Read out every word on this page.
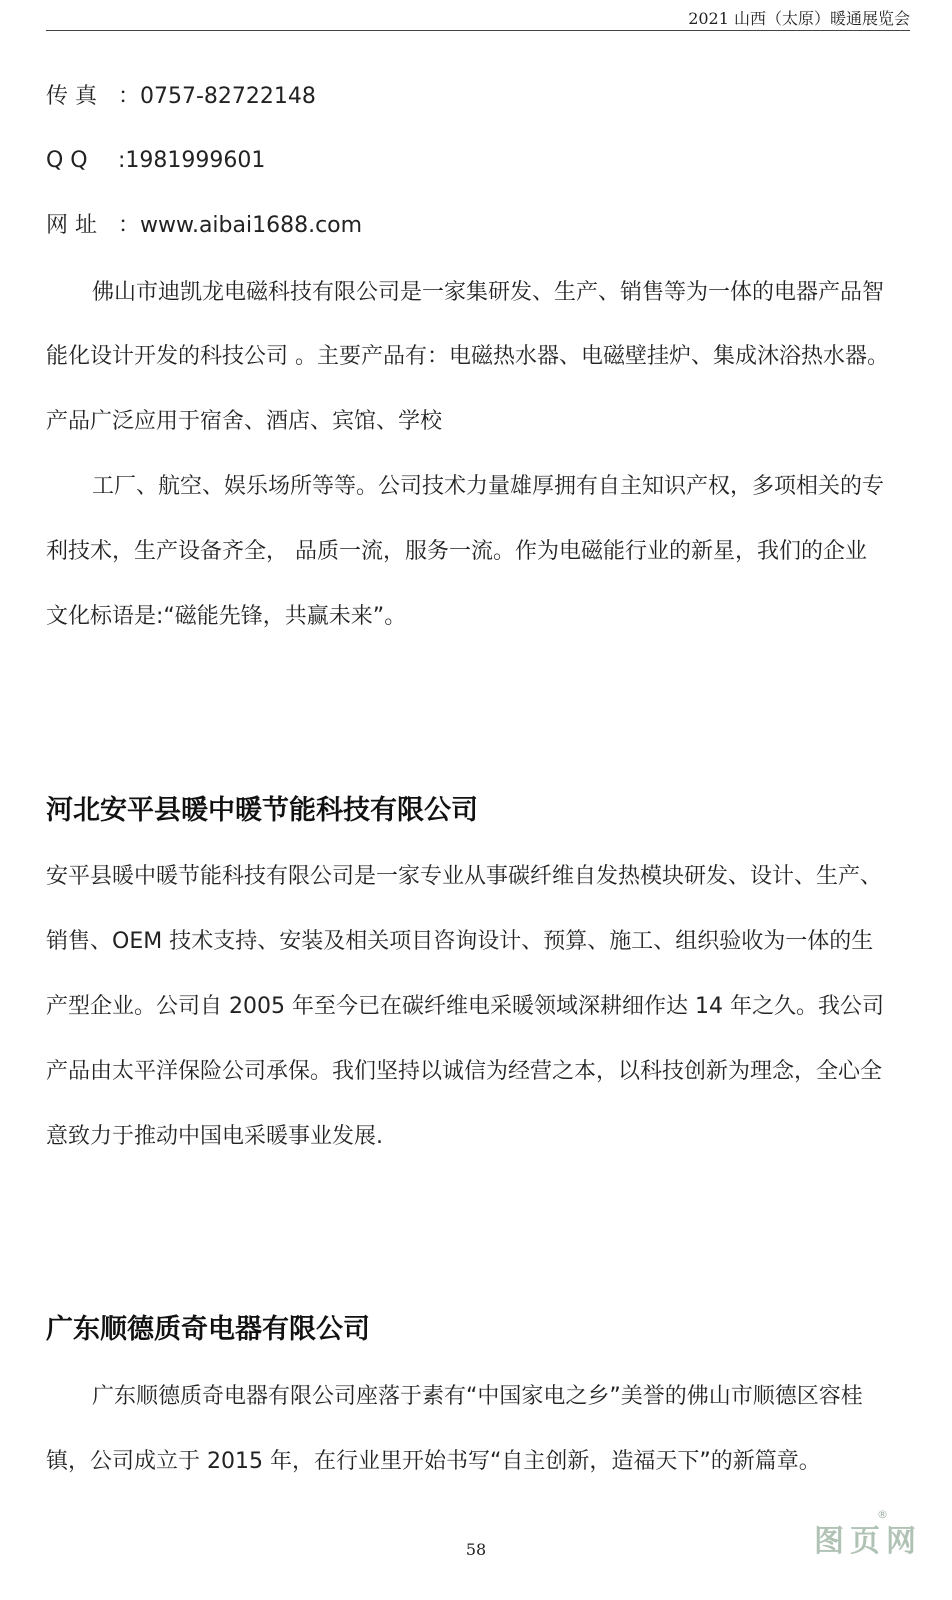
2021 山西（太原）暖通展览会
传 真 ：0757-82722148
Q Q :1981999601
网 址 ：www.aibai1688.com
佛山市迪凯龙电磁科技有限公司是一家集研发、生产、销售等为一体的电器产品智
能化设计开发的科技公司 。主要产品有：电磁热水器、电磁壁挂炉、集成沐浴热水器。
产品广泛应用于宿舍、酒店、宾馆、学校
工厂、航空、娱乐场所等等。公司技术力量雄厚拥有自主知识产权，多项相关的专
利技术，生产设备齐全， 品质一流，服务一流。作为电磁能行业的新星，我们的企业
文化标语是:“磁能先锋，共赢未来”。
河北安平县暖中暖节能科技有限公司
安平县暖中暖节能科技有限公司是一家专业从事碳纤维自发热模块研发、设计、生产、
销售、OEM 技术支持、安装及相关项目咨询设计、预算、施工、组织验收为一体的生
产型企业。公司自 2005 年至今已在碳纤维电采暖领域深耕细作达 14 年之久。我公司
产品由太平洋保险公司承保。我们坚持以诚信为经营之本，以科技创新为理念，全心全
意致力于推动中国电采暖事业发展.
广东顺德质奇电器有限公司
广东顺德质奇电器有限公司座落于素有“中国家电之乡”美誉的佛山市顺德区容桂
镇，公司成立于 2015 年，在行业里开始书写“自主创新，造福天下”的新篇章。
58	图页网
®
